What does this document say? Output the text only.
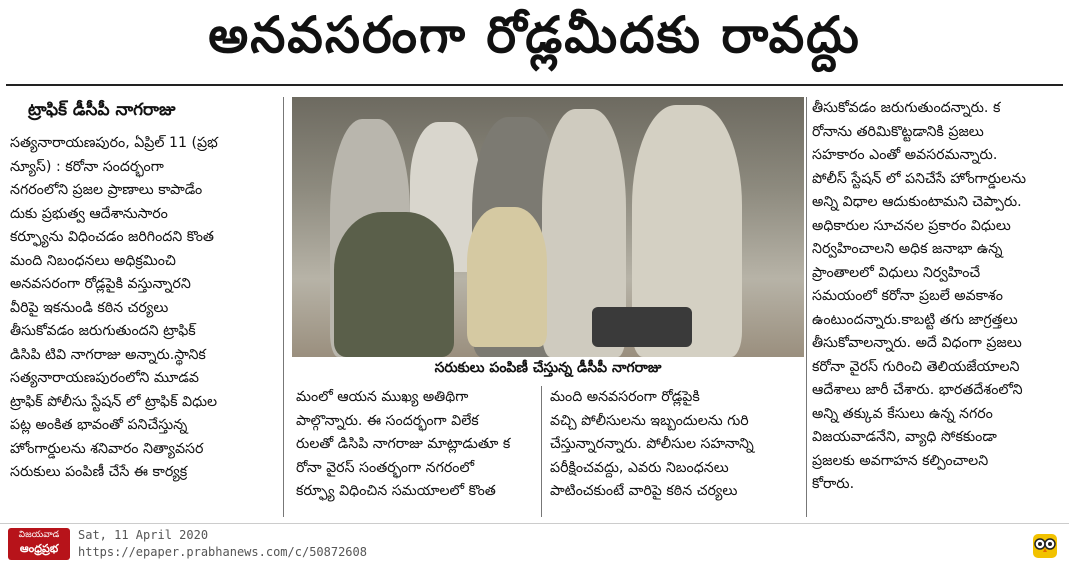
అనవసరంగా రోడ్లమీదకు రావద్దు
ట్రాఫిక్ డీసీపీ నాగరాజు

సత్యనారాయణపురం, ఏప్రిల్ 11 (ప్రభ

న్యూస్) : కరోనా సందర్భంగా

నగరంలోని ప్రజల ప్రాణాలు కాపాడేం

దుకు ప్రభుత్వ ఆదేశానుసారం

కర్ఫ్యూను విధించడం జరిగిందని కొంత

మంది నిబంధనలు అధిక్రమించి

అనవసరంగా రోడ్లపైకి వస్తున్నారని

వీరిపై ఇకనుండి కఠిన చర్యలు

తీసుకోవడం జరుగుతుందని ట్రాఫిక్

డిసిపి టివి నాగరాజు అన్నారు.స్థానిక

సత్యనారాయణపురంలోని మూడవ

ట్రాఫిక్ పోలీసు స్టేషన్ లో ట్రాఫిక్ విధుల

పట్ల అంకిత భావంతో పనిచేస్తున్న

హోంగార్డులను శనివారం నిత్యావసర

సరుకులు పంపిణీ చేసే ఈ కార్యక్ర

సరుకులు పంపిణీ చేస్తున్న డీసీపీ నాగరాజు

మంలో ఆయన ముఖ్య అతిథిగా

పాల్గొన్నారు. ఈ సందర్భంగా విలేక

రులతో డిసిపి నాగరాజు మాట్లాడుతూ క

రోనా వైరస్ సంతర్భంగా నగరంలో

కర్ఫ్యూ విధించిన సమయాలలో కొంత

మంది అనవసరంగా రోడ్లపైకి

వచ్చి పోలీసులను ఇబ్బందులను గురి

చేస్తున్నారన్నారు. పోలీసుల సహనాన్ని

పరీక్షించవద్దు, ఎవరు నిబంధనలు

పాటించకుంటే వారిపై కఠిన చర్యలు

తీసుకోవడం జరుగుతుందన్నారు. క

రోనాను తరిమికొట్టడానికి ప్రజలు

సహకారం ఎంతో అవసరమన్నారు.

పోలీస్ స్టేషన్ లో పనిచేసే హోంగార్డులను

అన్ని విధాల ఆదుకుంటామని చెప్పారు.

అధికారుల సూచనల ప్రకారం విధులు

నిర్వహించాలని అధిక జనాభా ఉన్న

ప్రాంతాలలో విధులు నిర్వహించే

సమయంలో కరోనా ప్రబలే అవకాశం

ఉంటుందన్నారు.కాబట్టి తగు జాగ్రత్తలు

తీసుకోవాలన్నారు. అదే విధంగా ప్రజలు

కరోనా వైరస్ గురించి తెలియజేయాలని

ఆదేశాలు జారీ చేశారు. భారతదేశంలోని

అన్ని తక్కువ కేసులు ఉన్న నగరం

విజయవాడనేని, వ్యాధి సోకకుండా

ప్రజలకు అవగాహన కల్పించాలని

కోరారు.

విజయవాడ
ఆంధ్రప్రభ
Sat, 11 April 2020
https://epaper.prabhanews.com/c/50872608
